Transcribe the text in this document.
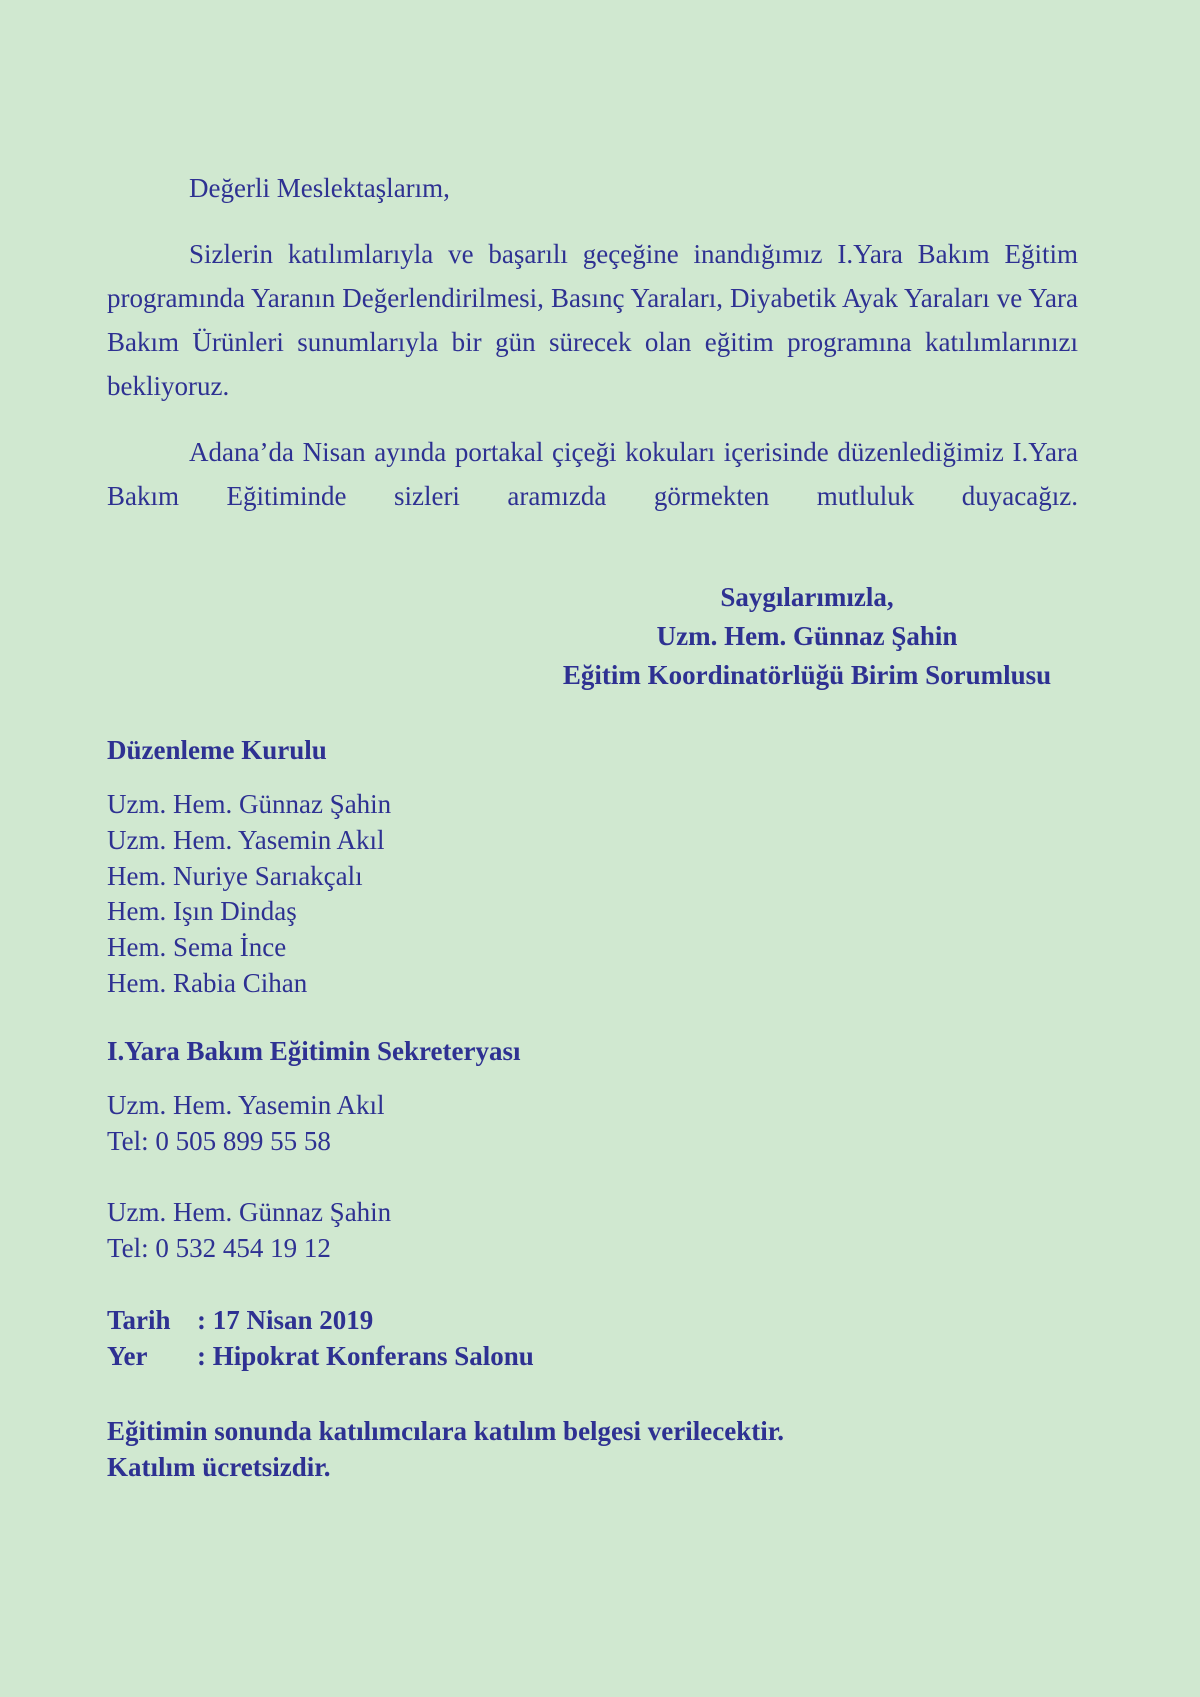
Değerli Meslektaşlarım,
Sizlerin katılımlarıyla ve başarılı geçeğine inandığımız I.Yara Bakım Eğitim programında Yaranın Değerlendirilmesi, Basınç Yaraları, Diyabetik Ayak Yaraları ve Yara Bakım Ürünleri sunumlarıyla bir gün sürecek olan eğitim programına katılımlarınızı bekliyoruz.
Adana’da Nisan ayında portakal çiçeği kokuları içerisinde düzenlediğimiz I.Yara Bakım Eğitiminde sizleri aramızda görmekten mutluluk duyacağız.
Saygılarımızla,
Uzm. Hem. Günnaz Şahin
Eğitim Koordinatörlüğü Birim Sorumlusu
Düzenleme Kurulu
Uzm. Hem. Günnaz Şahin
Uzm. Hem. Yasemin Akıl
Hem. Nuriye Sarıakçalı
Hem. Işın Dindaş
Hem. Sema İnce
Hem. Rabia Cihan
I.Yara Bakım Eğitimin Sekreteryası
Uzm. Hem. Yasemin Akıl
Tel: 0 505 899 55 58
Uzm. Hem. Günnaz Şahin
Tel: 0 532 454 19 12
Tarih : 17 Nisan 2019
Yer	: Hipokrat Konferans Salonu
Eğitimin sonunda katılımcılara katılım belgesi verilecektir.
Katılım ücretsizdir.
